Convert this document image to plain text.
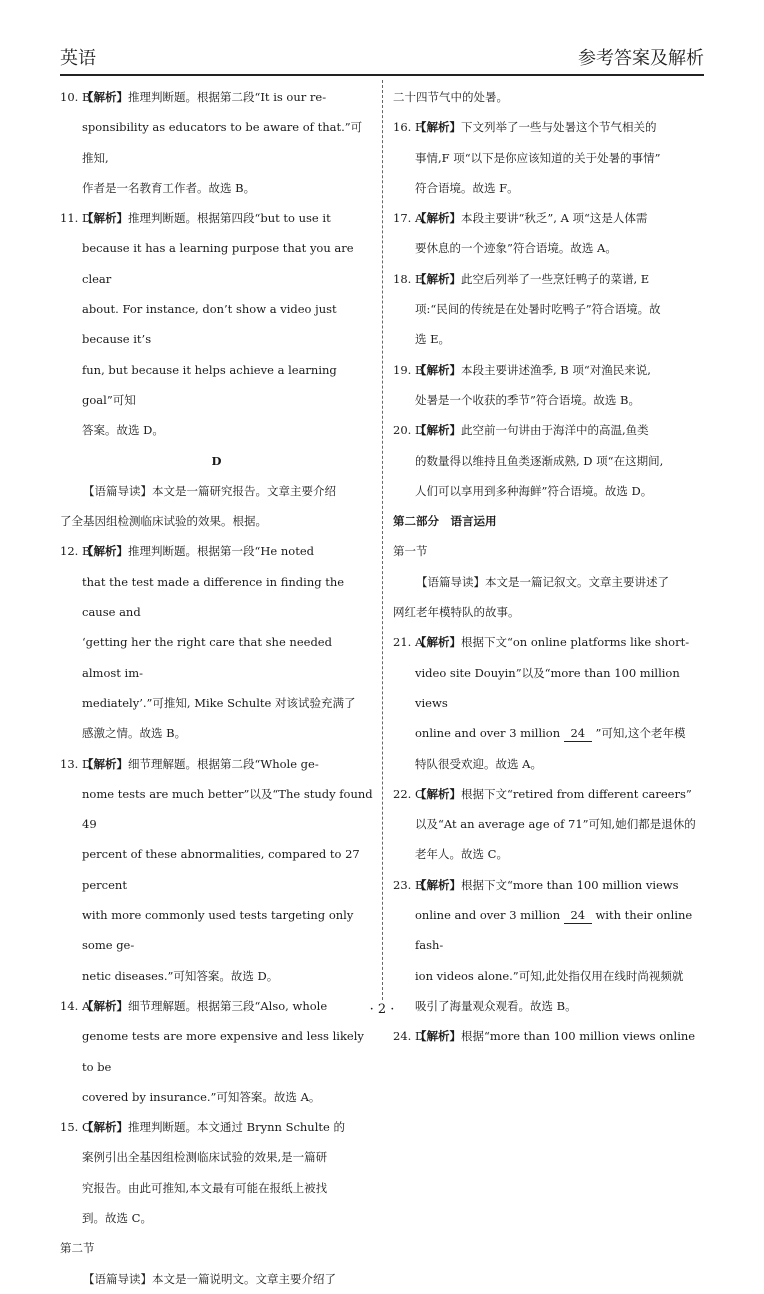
英语	参考答案及解析
10. B
【解析】推理判断题。根据第二段“It is our re-
sponsibility as educators to be aware of that.”可推知,
作者是一名教育工作者。故选 B。
11. D
【解析】推理判断题。根据第四段“but to use it
because it has a learning purpose that you are clear
about. For instance, don’t show a video just because it’s
fun, but because it helps achieve a learning goal”可知
答案。故选 D。
D

【语篇导读】本文是一篇研究报告。文章主要介绍

了全基因组检测临床试验的效果。根据。

12. B
【解析】推理判断题。根据第一段“He noted
that the test made a difference in finding the cause and
‘getting her the right care that she needed almost im-
mediately’.”可推知, Mike Schulte 对该试验充满了
感激之情。故选 B。
13. D
【解析】细节理解题。根据第二段“Whole ge-
nome tests are much better”以及“The study found 49
percent of these abnormalities, compared to 27 percent
with more commonly used tests targeting only some ge-
netic diseases.”可知答案。故选 D。
14. A
【解析】细节理解题。根据第三段“Also, whole
genome tests are more expensive and less likely to be
covered by insurance.”可知答案。故选 A。
15. C
【解析】推理判断题。本文通过 Brynn Schulte 的
案例引出全基因组检测临床试验的效果,是一篇研
究报告。由此可推知,本文最有可能在报纸上被找
到。故选 C。

第二节

【语篇导读】本文是一篇说明文。文章主要介绍了

二十四节气中的处暑。

16. F
【解析】下文列举了一些与处暑这个节气相关的
事情,F 项“以下是你应该知道的关于处暑的事情”
符合语境。故选 F。
17. A
【解析】本段主要讲“秋乏”, A 项“这是人体需
要休息的一个迹象”符合语境。故选 A。
18. E
【解析】此空后列举了一些烹饪鸭子的菜谱, E
项:“民间的传统是在处暑时吃鸭子”符合语境。故
选 E。
19. B
【解析】本段主要讲述渔季, B 项“对渔民来说,
处暑是一个收获的季节”符合语境。故选 B。
20. D
【解析】此空前一句讲由于海洋中的高温,鱼类
的数量得以维持且鱼类逐渐成熟, D 项“在这期间,
人们可以享用到多种海鲜”符合语境。故选 D。

第二部分　语言运用

第一节

【语篇导读】本文是一篇记叙文。文章主要讲述了

网红老年模特队的故事。

21. A
【解析】根据下文“on online platforms like short-
video site Douyin”以及“more than 100 million views
online and over 3 million 24 ”可知,这个老年模
特队很受欢迎。故选 A。
22. C
【解析】根据下文“retired from different careers”
以及“At an average age of 71”可知,她们都是退休的
老年人。故选 C。
23. B
【解析】根据下文“more than 100 million views
online and over 3 million 24 with their online fash-
ion videos alone.”可知,此处指仅用在线时尚视频就
吸引了海量观众观看。故选 B。
24. D
【解析】根据“more than 100 million views online
· 2 ·
